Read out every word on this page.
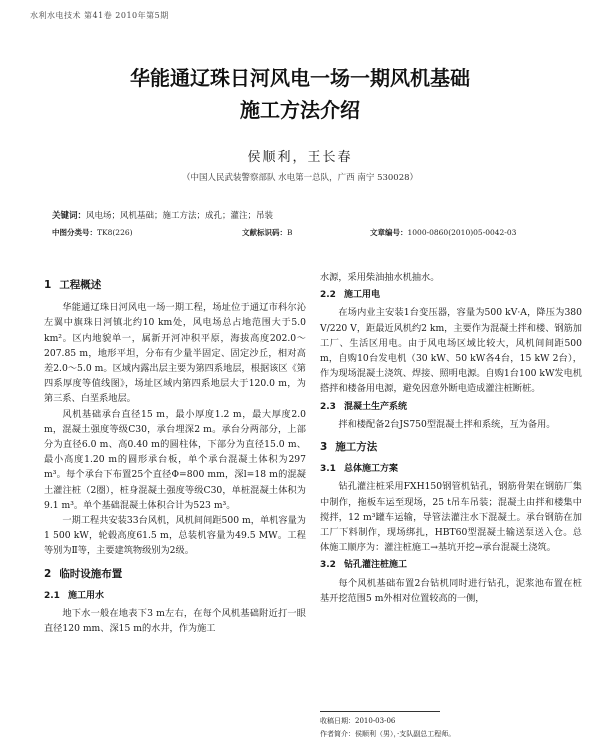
水利水电技术 第41卷 2010年第5期
华能通辽珠日河风电一场一期风机基础
施工方法介绍
侯顺利，王长春
（中国人民武装警察部队 水电第一总队，广西 南宁 530028）
关键词：风电场；风机基础；施工方法；成孔；灌注；吊装
中图分类号：TK8(226)	文献标识码：B	文章编号：1000-0860(2010)05-0042-03
1 工程概述

华能通辽珠日河风电一场一期工程，场址位于通辽市科尔沁左翼中旗珠日河镇北约10 km处，风电场总占地范围大于5.0 km²。区内地貌单一，属新开河冲积平原，海拔高度202.0～207.85 m，地形平坦，分布有少量半固定、固定沙丘，相对高差2.0～5.0 m。区域内露出层主要为第四系地层，根据该区《第四系厚度等值线图》，场址区域内第四系地层大于120.0 m，为第三系、白垩系地层。

风机基础承台直径15 m，最小厚度1.2 m，最大厚度2.0 m，混凝土强度等级C30，承台埋深2 m。承台分两部分，上部分为直径6.0 m、高0.40 m的圆柱体，下部分为直径15.0 m、最小高度1.20 m的圆形承台板，单个承台混凝土体积为297 m³。每个承台下布置25个直径Φ=800 mm，深l=18 m的混凝土灌注桩（2圈），桩身混凝土强度等级C30，单桩混凝土体积为9.1 m³。单个基础混凝土体积合计为523 m³。

一期工程共安装33台风机，风机间间距500 m，单机容量为1 500 kW，轮毂高度61.5 m，总装机容量为49.5 MW。工程等别为Ⅱ等，主要建筑物级别为2级。

2 临时设施布置
2.1 施工用水

地下水一般在地表下3 m左右，在每个风机基础附近打一眼直径120 mm、深15 m的水井，作为施工

水源，采用柴油抽水机抽水。

2.2 施工用电

在场内业主安装1台变压器，容量为500 kV·A，降压为380 V/220 V，距最近风机约2 km，主要作为混凝土拌和楼、钢筋加工厂、生活区用电。由于风电场区域比较大，风机间间距500 m，自购10台发电机（30 kW、50 kW各4台，15 kW 2台），作为现场混凝土浇筑、焊接、照明电源。自购1台100 kW发电机搭拌和楼备用电源，避免因意外断电造成灌注桩断桩。

2.3 混凝土生产系统

拌和楼配备2台JS750型混凝土拌和系统，互为备用。

3 施工方法
3.1 总体施工方案

钻孔灌注桩采用FXH150钢管机钻孔，钢筋骨架在钢筋厂集中制作，拖板车运至现场，25 t吊车吊装；混凝土由拌和楼集中搅拌，12 m³罐车运输，导管法灌注水下混凝土。承台钢筋在加工厂下料制作，现场绑扎，HBT60型混凝土输送泵送入仓。总体施工顺序为：灌注桩施工→基坑开挖→承台混凝土浇筑。

3.2 钻孔灌注桩施工

每个风机基础布置2台钻机同时进行钻孔，泥浆池布置在桩基开挖范围5 m外相对位置较高的一侧，

收稿日期：2010-03-06
作者简介：侯顺利（男），·支队副总工程师。
